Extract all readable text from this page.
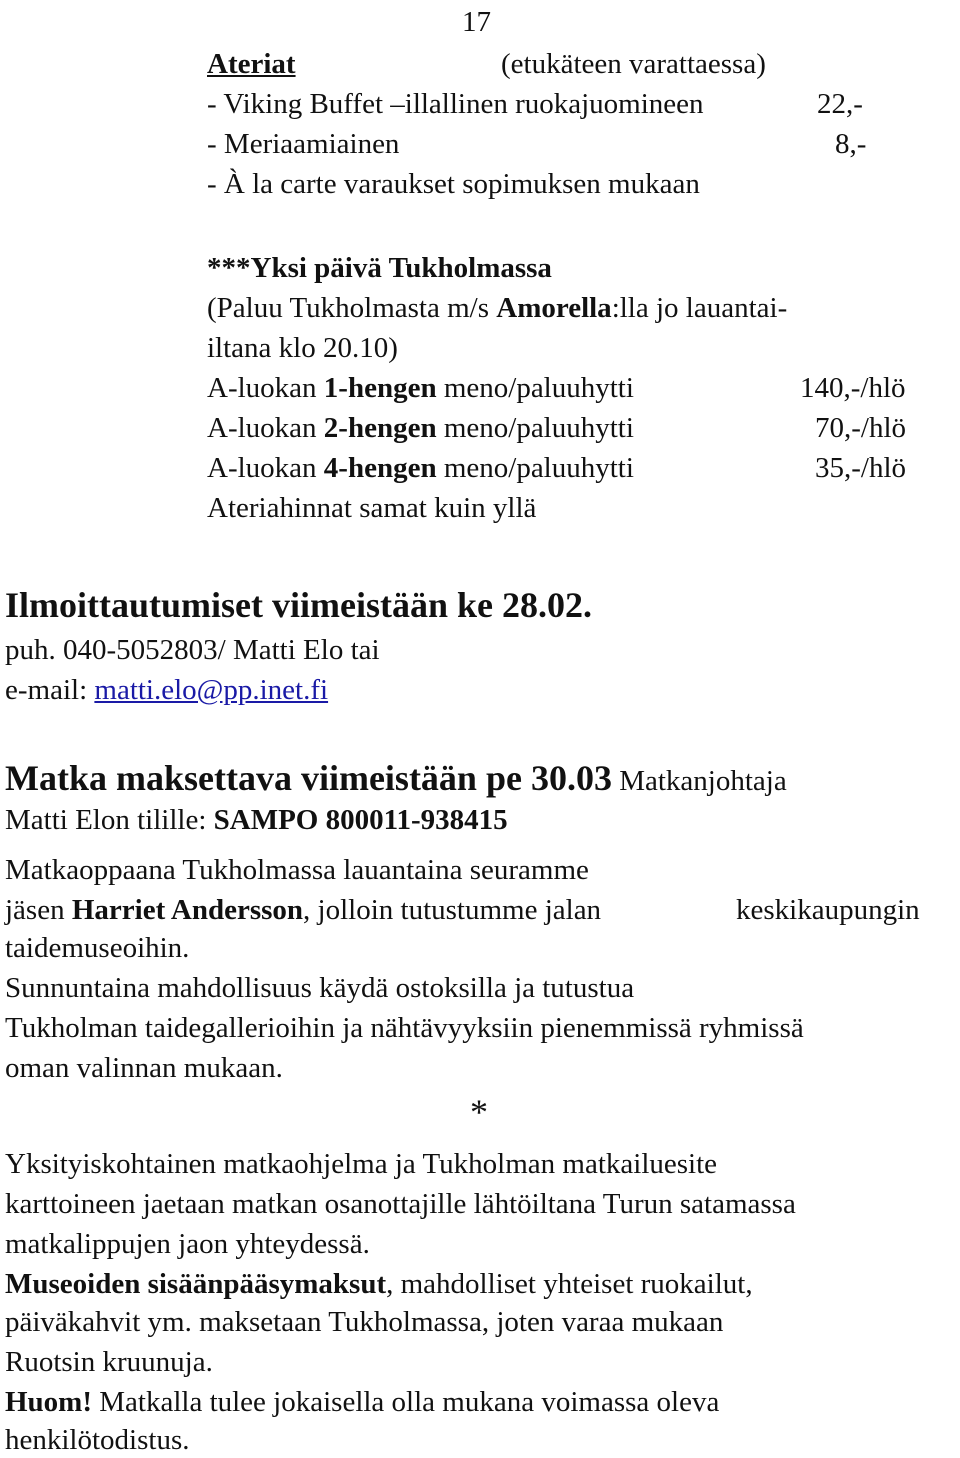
17
Ateriat	(etukäteen varattaessa)
- Viking Buffet –illallinen ruokajuomineen	22,-
- Meriaamiainen	8,-
- À la carte varaukset sopimuksen mukaan
***Yksi päivä Tukholmassa
(Paluu Tukholmasta m/s Amorella:lla jo lauantai-
iltana klo 20.10)
A-luokan 1-hengen meno/paluuhytti	140,-/hlö
A-luokan 2-hengen meno/paluuhytti	70,-/hlö
A-luokan 4-hengen meno/paluuhytti	35,-/hlö
Ateriahinnat samat kuin yllä
Ilmoittautumiset viimeistään ke 28.02.
puh. 040-5052803/ Matti Elo tai
e-mail: matti.elo@pp.inet.fi
Matka maksettava viimeistään pe 30.03 Matkanjohtaja
Matti Elon tilille: SAMPO 800011-938415
Matkaoppaana Tukholmassa lauantaina seuramme
jäsen Harriet Andersson, jolloin tutustumme jalan	keskikaupungin
taidemuseoihin.
Sunnuntaina mahdollisuus käydä ostoksilla ja tutustua
Tukholman taidegallerioihin ja nähtävyyksiin pienemmissä ryhmissä
oman valinnan mukaan.
*
Yksityiskohtainen matkaohjelma ja Tukholman matkailuesite
karttoineen jaetaan matkan osanottajille lähtöiltana Turun satamassa
matkalippujen jaon yhteydessä.
Museoiden sisäänpääsymaksut, mahdolliset yhteiset ruokailut,
päiväkahvit ym. maksetaan Tukholmassa, joten varaa mukaan
Ruotsin kruunuja.
Huom! Matkalla tulee jokaisella olla mukana voimassa oleva
henkilötodistus.
